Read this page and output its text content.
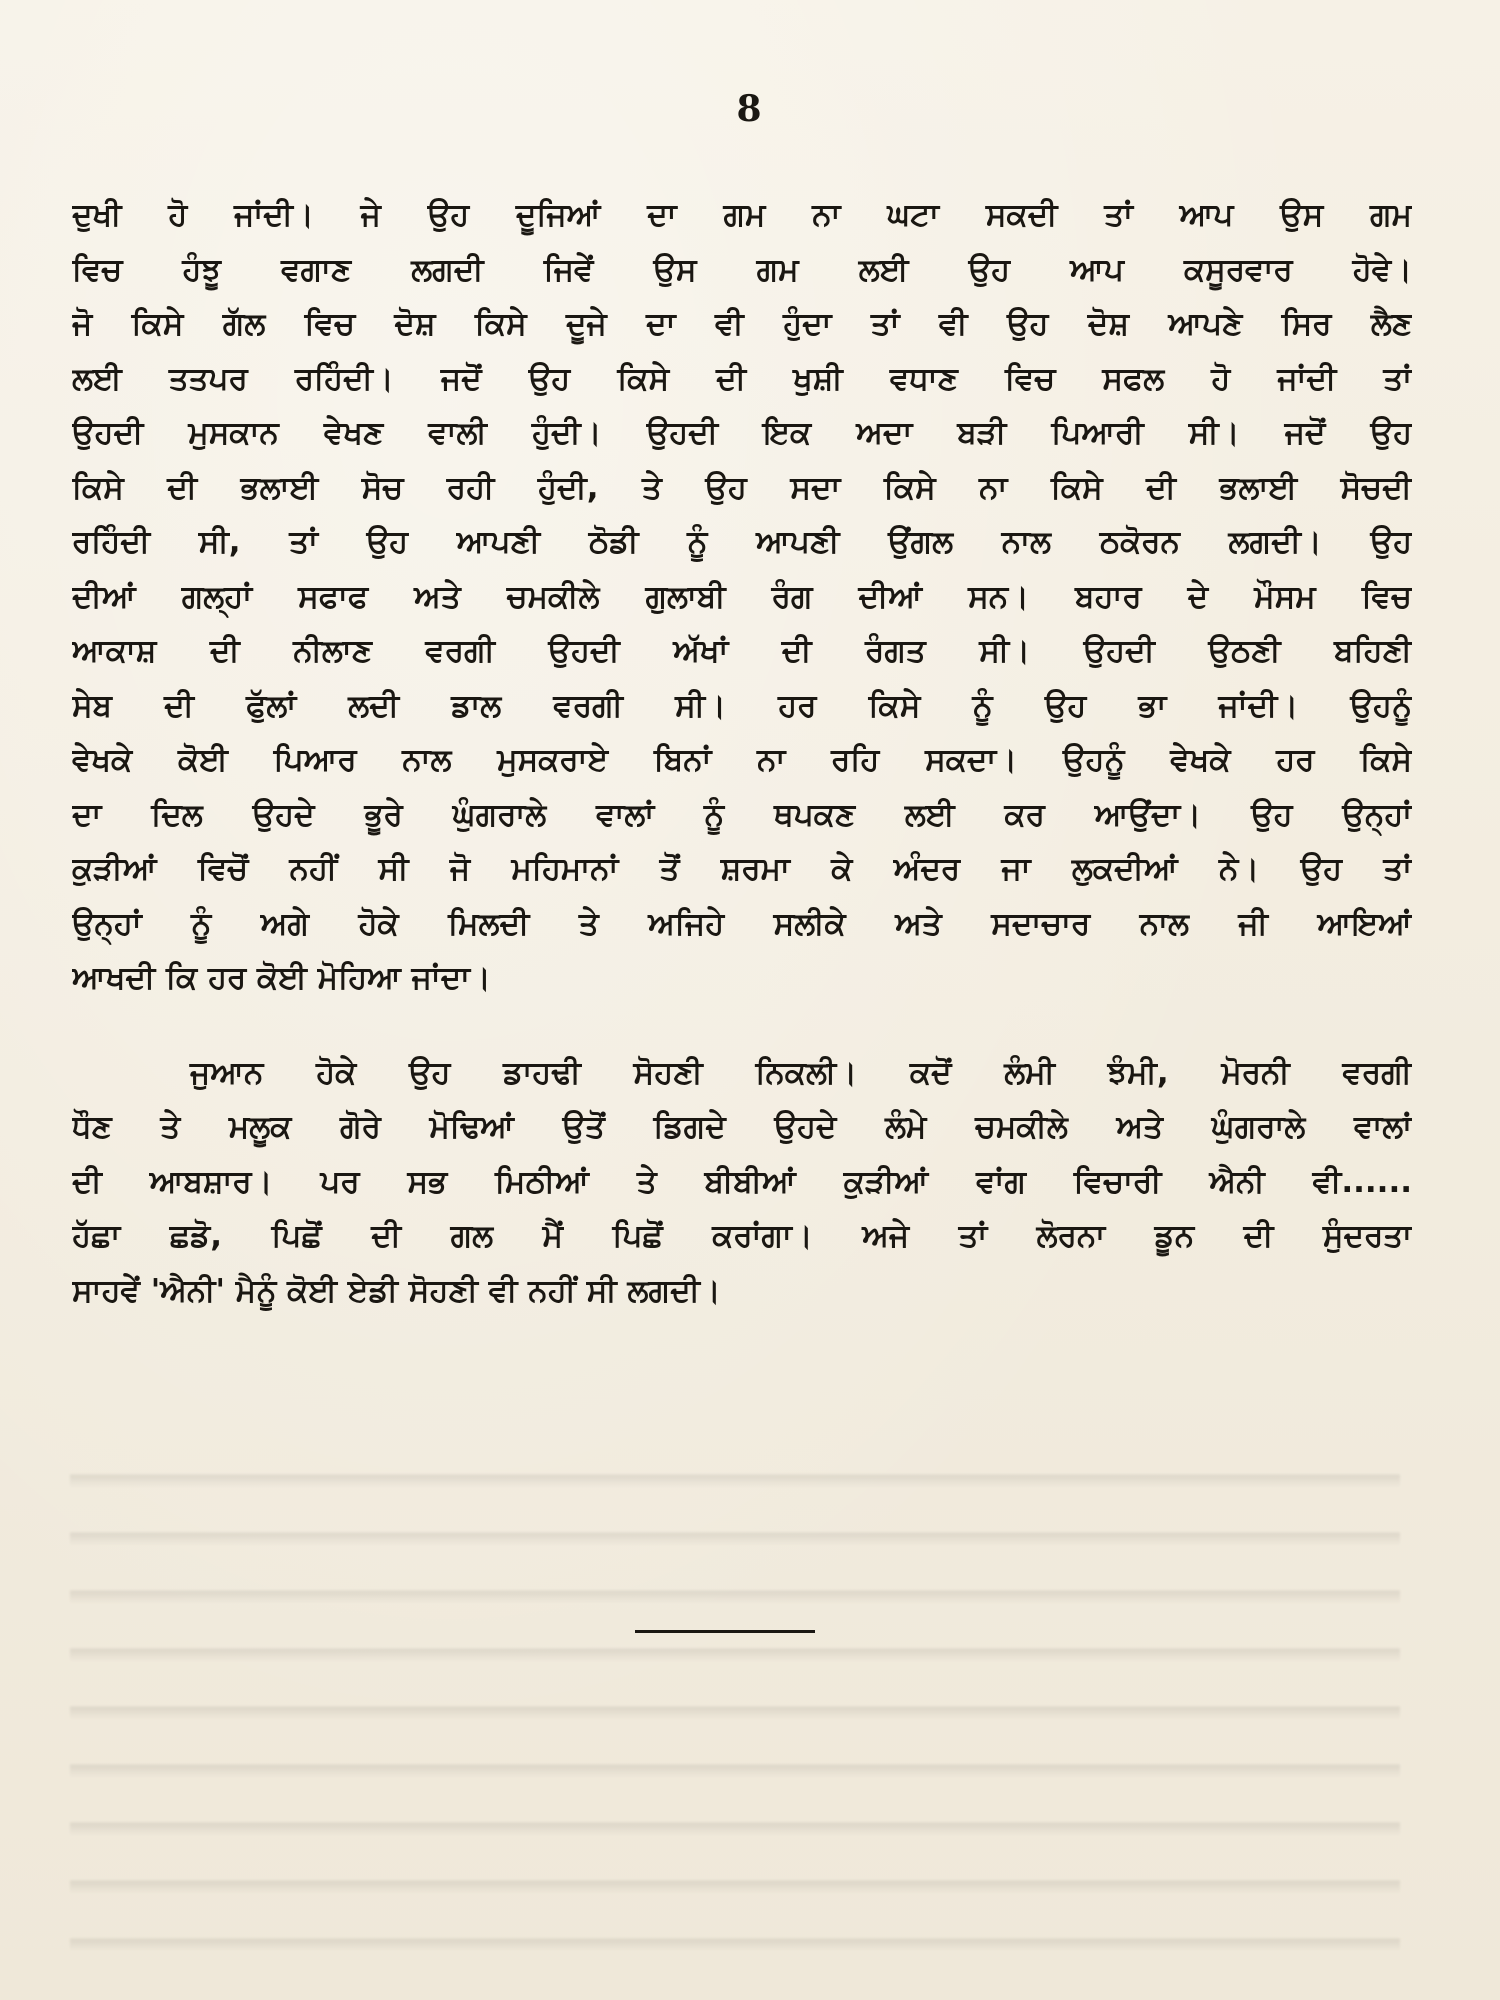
8
ਦੁਖੀ ਹੋ ਜਾਂਦੀ। ਜੇ ਉਹ ਦੂਜਿਆਂ ਦਾ ਗਮ ਨਾ ਘਟਾ ਸਕਦੀ ਤਾਂ ਆਪ ਉਸ ਗਮ
ਵਿਚ ਹੰਝੂ ਵਗਾਣ ਲਗਦੀ ਜਿਵੇਂ ਉਸ ਗਮ ਲਈ ਉਹ ਆਪ ਕਸੂਰਵਾਰ ਹੋਵੇ।
ਜੋ ਕਿਸੇ ਗੱਲ ਵਿਚ ਦੋਸ਼ ਕਿਸੇ ਦੂਜੇ ਦਾ ਵੀ ਹੁੰਦਾ ਤਾਂ ਵੀ ਉਹ ਦੋਸ਼ ਆਪਣੇ ਸਿਰ ਲੈਣ
ਲਈ ਤਤਪਰ ਰਹਿੰਦੀ। ਜਦੋਂ ਉਹ ਕਿਸੇ ਦੀ ਖੁਸ਼ੀ ਵਧਾਣ ਵਿਚ ਸਫਲ ਹੋ ਜਾਂਦੀ ਤਾਂ
ਉਹਦੀ ਮੁਸਕਾਨ ਵੇਖਣ ਵਾਲੀ ਹੁੰਦੀ। ਉਹਦੀ ਇਕ ਅਦਾ ਬੜੀ ਪਿਆਰੀ ਸੀ। ਜਦੋਂ ਉਹ
ਕਿਸੇ ਦੀ ਭਲਾਈ ਸੋਚ ਰਹੀ ਹੁੰਦੀ, ਤੇ ਉਹ ਸਦਾ ਕਿਸੇ ਨਾ ਕਿਸੇ ਦੀ ਭਲਾਈ ਸੋਚਦੀ
ਰਹਿੰਦੀ ਸੀ, ਤਾਂ ਉਹ ਆਪਣੀ ਠੋਡੀ ਨੂੰ ਆਪਣੀ ਉਂਗਲ ਨਾਲ ਠਕੋਰਨ ਲਗਦੀ। ਉਹ
ਦੀਆਂ ਗਲ੍ਹਾਂ ਸਫਾਫ ਅਤੇ ਚਮਕੀਲੇ ਗੁਲਾਬੀ ਰੰਗ ਦੀਆਂ ਸਨ। ਬਹਾਰ ਦੇ ਮੌਸਮ ਵਿਚ
ਆਕਾਸ਼ ਦੀ ਨੀਲਾਣ ਵਰਗੀ ਉਹਦੀ ਅੱਖਾਂ ਦੀ ਰੰਗਤ ਸੀ। ਉਹਦੀ ਉਠਣੀ ਬਹਿਣੀ
ਸੇਬ ਦੀ ਫੁੱਲਾਂ ਲਦੀ ਡਾਲ ਵਰਗੀ ਸੀ। ਹਰ ਕਿਸੇ ਨੂੰ ਉਹ ਭਾ ਜਾਂਦੀ। ਉਹਨੂੰ
ਵੇਖਕੇ ਕੋਈ ਪਿਆਰ ਨਾਲ ਮੁਸਕਰਾਏ ਬਿਨਾਂ ਨਾ ਰਹਿ ਸਕਦਾ। ਉਹਨੂੰ ਵੇਖਕੇ ਹਰ ਕਿਸੇ
ਦਾ ਦਿਲ ਉਹਦੇ ਭੂਰੇ ਘੁੰਗਰਾਲੇ ਵਾਲਾਂ ਨੂੰ ਥਪਕਣ ਲਈ ਕਰ ਆਉਂਦਾ। ਉਹ ਉਨ੍ਹਾਂ
ਕੁੜੀਆਂ ਵਿਚੋਂ ਨਹੀਂ ਸੀ ਜੋ ਮਹਿਮਾਨਾਂ ਤੋਂ ਸ਼ਰਮਾ ਕੇ ਅੰਦਰ ਜਾ ਲੁਕਦੀਆਂ ਨੇ। ਉਹ ਤਾਂ
ਉਨ੍ਹਾਂ ਨੂੰ ਅਗੇ ਹੋਕੇ ਮਿਲਦੀ ਤੇ ਅਜਿਹੇ ਸਲੀਕੇ ਅਤੇ ਸਦਾਚਾਰ ਨਾਲ ਜੀ ਆਇਆਂ
ਆਖਦੀ ਕਿ ਹਰ ਕੋਈ ਮੋਹਿਆ ਜਾਂਦਾ।
ਜੁਆਨ ਹੋਕੇ ਉਹ ਡਾਹਢੀ ਸੋਹਣੀ ਨਿਕਲੀ। ਕਦੋਂ ਲੰਮੀ ਝੰਮੀ, ਮੋਰਨੀ ਵਰਗੀ
ਧੌਣ ਤੇ ਮਲੂਕ ਗੋਰੇ ਮੋਢਿਆਂ ਉਤੋਂ ਡਿਗਦੇ ਉਹਦੇ ਲੰਮੇ ਚਮਕੀਲੇ ਅਤੇ ਘੁੰਗਰਾਲੇ ਵਾਲਾਂ
ਦੀ ਆਬਸ਼ਾਰ। ਪਰ ਸਭ ਮਿਠੀਆਂ ਤੇ ਬੀਬੀਆਂ ਕੁੜੀਆਂ ਵਾਂਗ ਵਿਚਾਰੀ ਐਨੀ ਵੀ......
ਹੱਛਾ ਛਡੋ, ਪਿਛੋਂ ਦੀ ਗਲ ਮੈਂ ਪਿਛੋਂ ਕਰਾਂਗਾ। ਅਜੇ ਤਾਂ ਲੋਰਨਾ ਡੂਨ ਦੀ ਸੁੰਦਰਤਾ
ਸਾਹਵੇਂ 'ਐਨੀ' ਮੈਨੂੰ ਕੋਈ ਏਡੀ ਸੋਹਣੀ ਵੀ ਨਹੀਂ ਸੀ ਲਗਦੀ।
